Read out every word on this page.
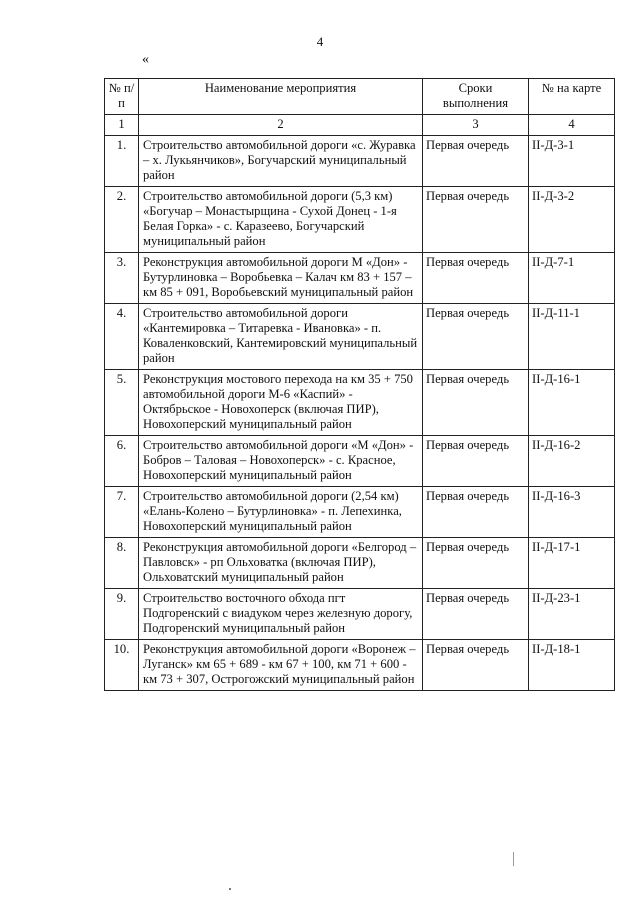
4
«
№ п/п	Наименование мероприятия	Сроки выполнения	№ на карте
1	2	3	4
1.	Строительство автомобильной дороги «с. Журавка – х. Лукьянчиков», Богучарский муниципальный район	Первая очередь	II-Д-3-1
2.	Строительство автомобильной дороги (5,3 км) «Богучар – Монастырщина - Сухой Донец - 1-я Белая Горка» - с. Каразеево, Богучарский муниципальный район	Первая очередь	II-Д-3-2
3.	Реконструкция автомобильной дороги М «Дон» - Бутурлиновка – Воробьевка – Калач км 83 + 157 – км 85 + 091, Воробьевский муниципальный район	Первая очередь	II-Д-7-1
4.	Строительство автомобильной дороги «Кантемировка – Титаревка - Ивановка» - п. Коваленковский, Кантемировский муниципальный район	Первая очередь	II-Д-11-1
5.	Реконструкция мостового перехода на км 35 + 750 автомобильной дороги М-6 «Каспий» - Октябрьское - Новохоперск (включая ПИР), Новохоперский муниципальный район	Первая очередь	II-Д-16-1
6.	Строительство автомобильной дороги «М «Дон» - Бобров – Таловая – Новохоперск» - с. Красное, Новохоперский муниципальный район	Первая очередь	II-Д-16-2
7.	Строительство автомобильной дороги (2,54 км) «Елань-Колено – Бутурлиновка» - п. Лепехинка, Новохоперский муниципальный район	Первая очередь	II-Д-16-3
8.	Реконструкция автомобильной дороги «Белгород – Павловск» - рп Ольховатка (включая ПИР), Ольховатский муниципальный район	Первая очередь	II-Д-17-1
9.	Строительство восточного обхода пгт Подгоренский с виадуком через железную дорогу, Подгоренский муниципальный район	Первая очередь	II-Д-23-1
10.	Реконструкция автомобильной дороги «Воронеж – Луганск» км 65 + 689 - км 67 + 100, км 71 + 600 - км 73 + 307, Острогожский муниципальный район	Первая очередь	II-Д-18-1
